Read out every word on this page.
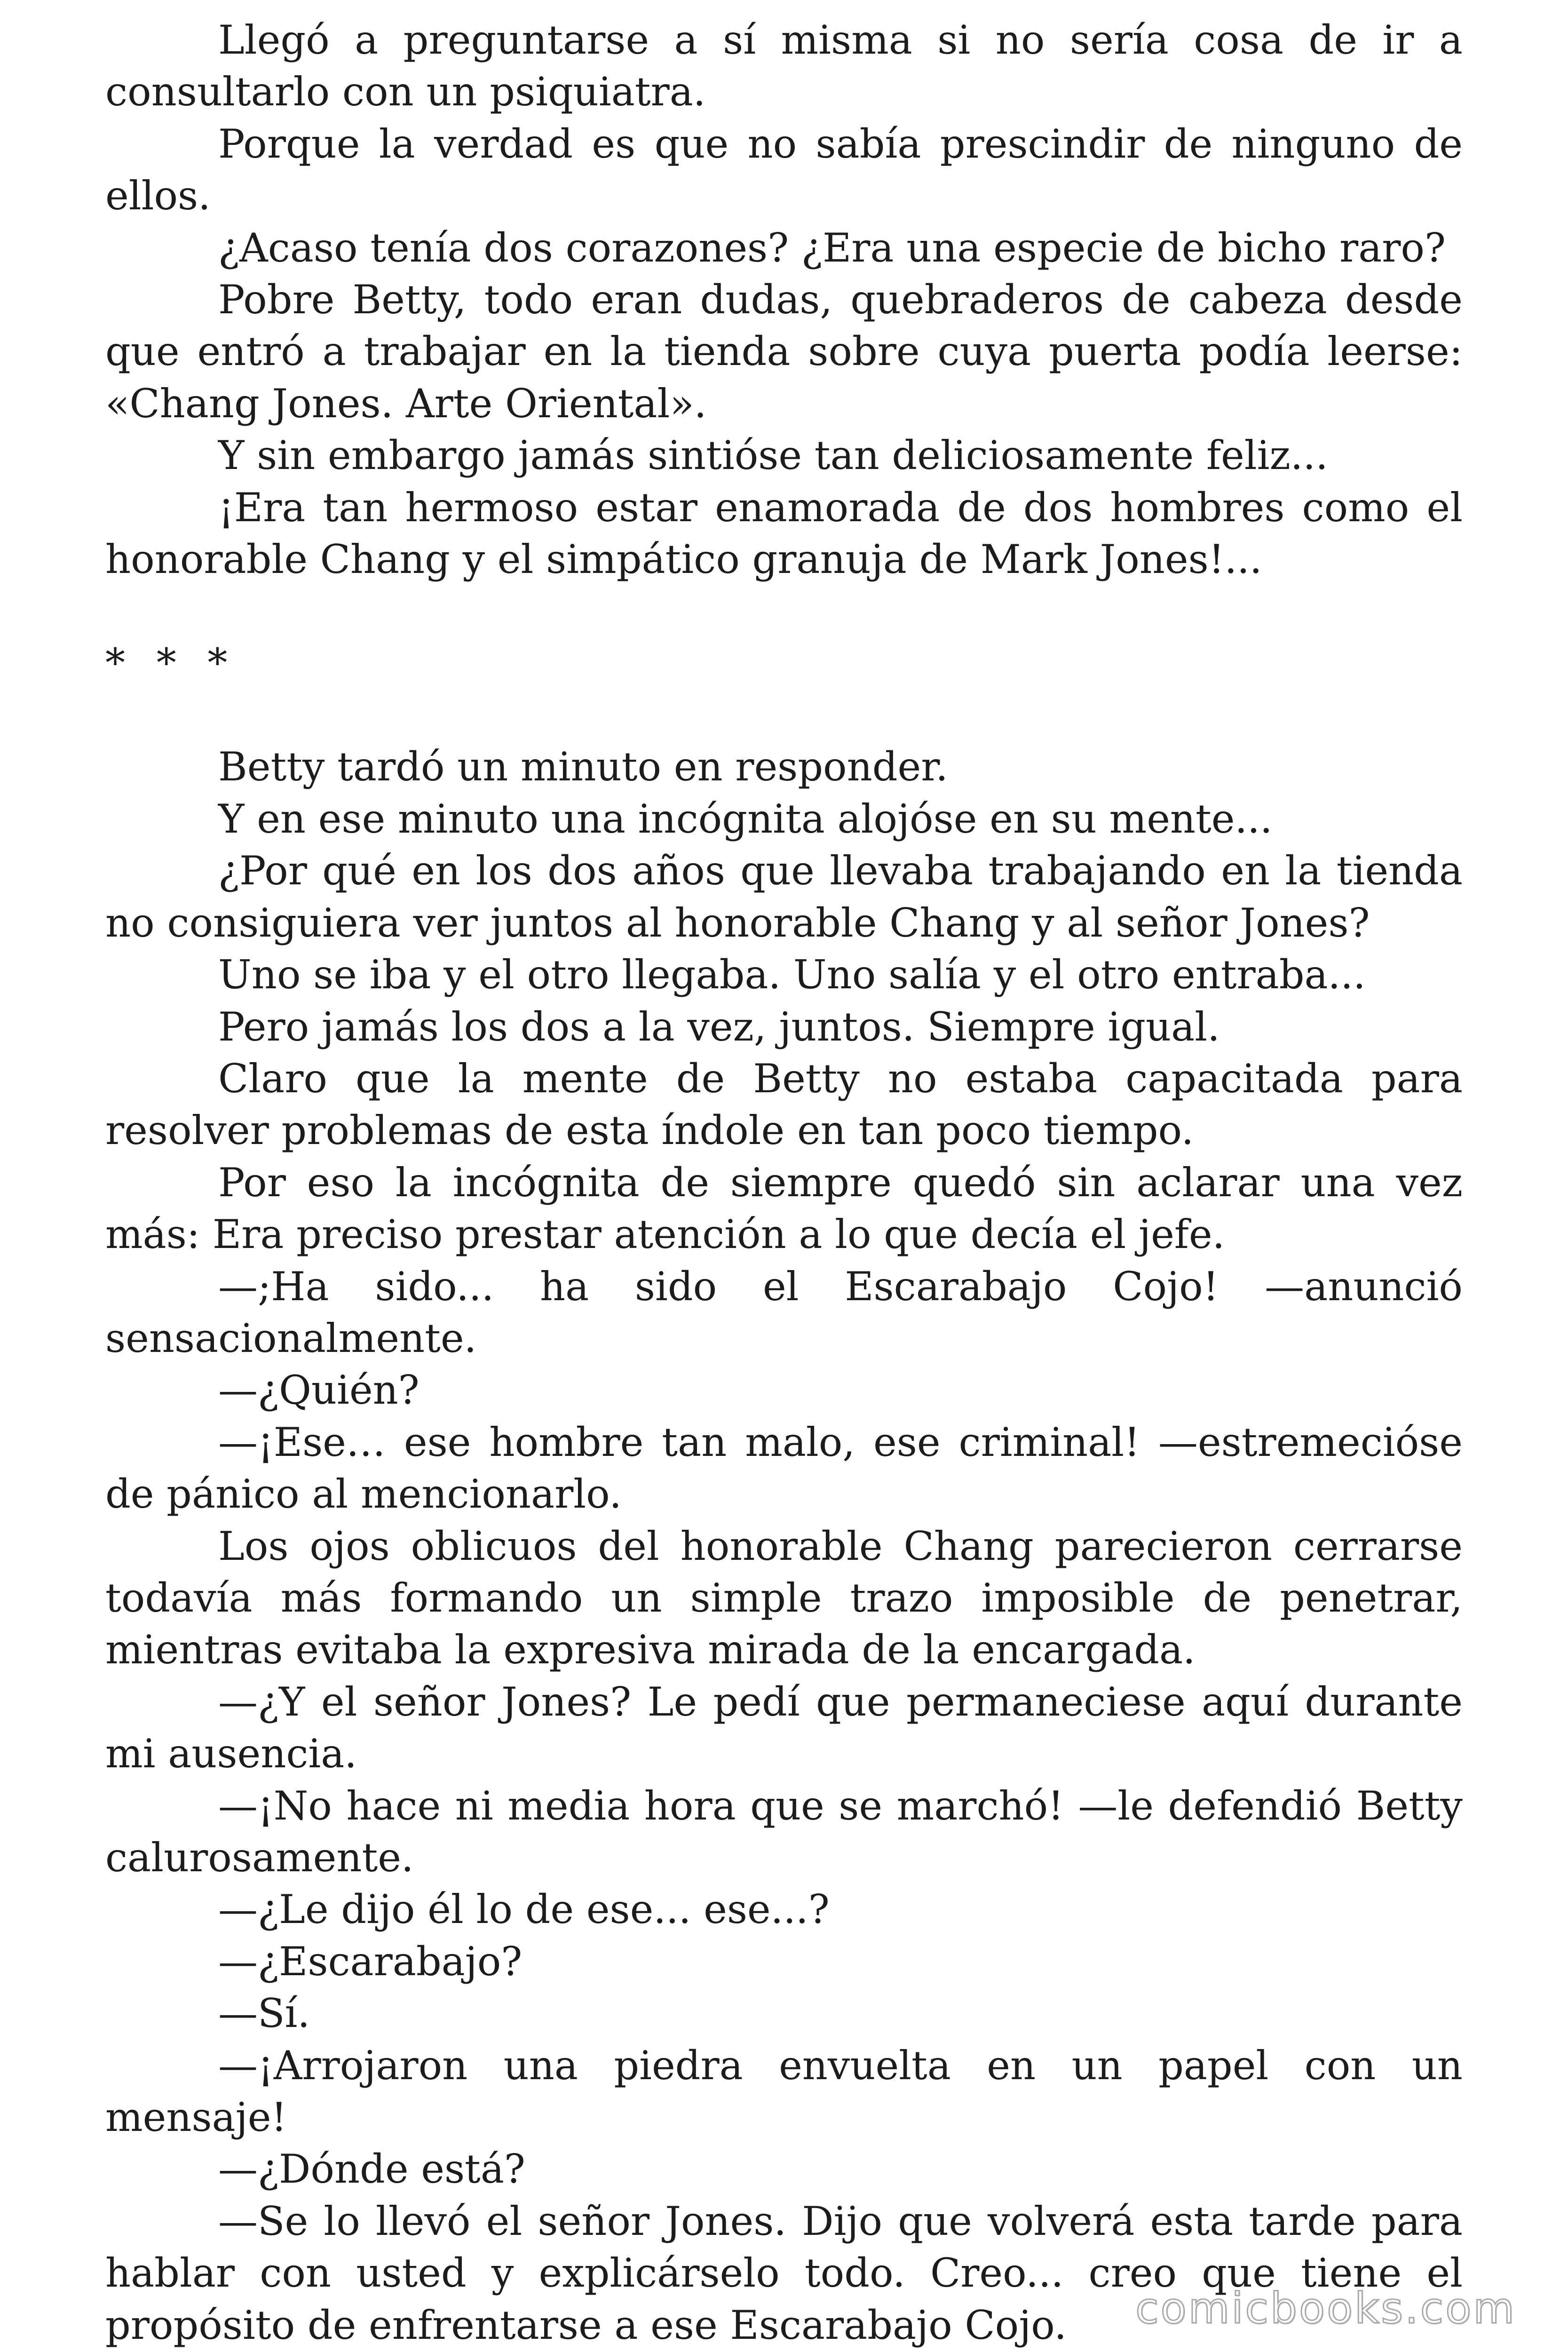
Llegó a preguntarse a sí misma si no sería cosa de ir a consultarlo con un psiquiatra.

Porque la verdad es que no sabía prescindir de ninguno de ellos.

¿Acaso tenía dos corazones? ¿Era una especie de bicho raro?

Pobre Betty, todo eran dudas, quebraderos de cabeza desde que entró a trabajar en la tienda sobre cuya puerta podía leerse: «Chang Jones. Arte Oriental».

Y sin embargo jamás sintióse tan deliciosamente feliz...

¡Era tan hermoso estar enamorada de dos hombres como el honorable Chang y el simpático granuja de Mark Jones!...

* * *

Betty tardó un minuto en responder.

Y en ese minuto una incógnita alojóse en su mente...

¿Por qué en los dos años que llevaba trabajando en la tienda no consiguiera ver juntos al honorable Chang y al señor Jones?

Uno se iba y el otro llegaba. Uno salía y el otro entraba...

Pero jamás los dos a la vez, juntos. Siempre igual.

Claro que la mente de Betty no estaba capacitada para resolver problemas de esta índole en tan poco tiempo.

Por eso la incógnita de siempre quedó sin aclarar una vez más: Era preciso prestar atención a lo que decía el jefe.

—;Ha sido... ha sido el Escarabajo Cojo! —anunció sensacionalmente.

—¿Quién?

—¡Ese… ese hombre tan malo, ese criminal! —estremecióse de pánico al mencionarlo.

Los ojos oblicuos del honorable Chang parecieron cerrarse todavía más formando un simple trazo imposible de penetrar, mientras evitaba la expresiva mirada de la encargada.

—¿Y el señor Jones? Le pedí que permaneciese aquí durante mi ausencia.

—¡No hace ni media hora que se marchó! —le defendió Betty calurosamente.

—¿Le dijo él lo de ese... ese...?

—¿Escarabajo?

—Sí.

—¡Arrojaron una piedra envuelta en un papel con un mensaje!

—¿Dónde está?

—Se lo llevó el señor Jones. Dijo que volverá esta tarde para hablar con usted y explicárselo todo. Creo... creo que tiene el propósito de enfrentarse a ese Escarabajo Cojo.	comicbooks.com
